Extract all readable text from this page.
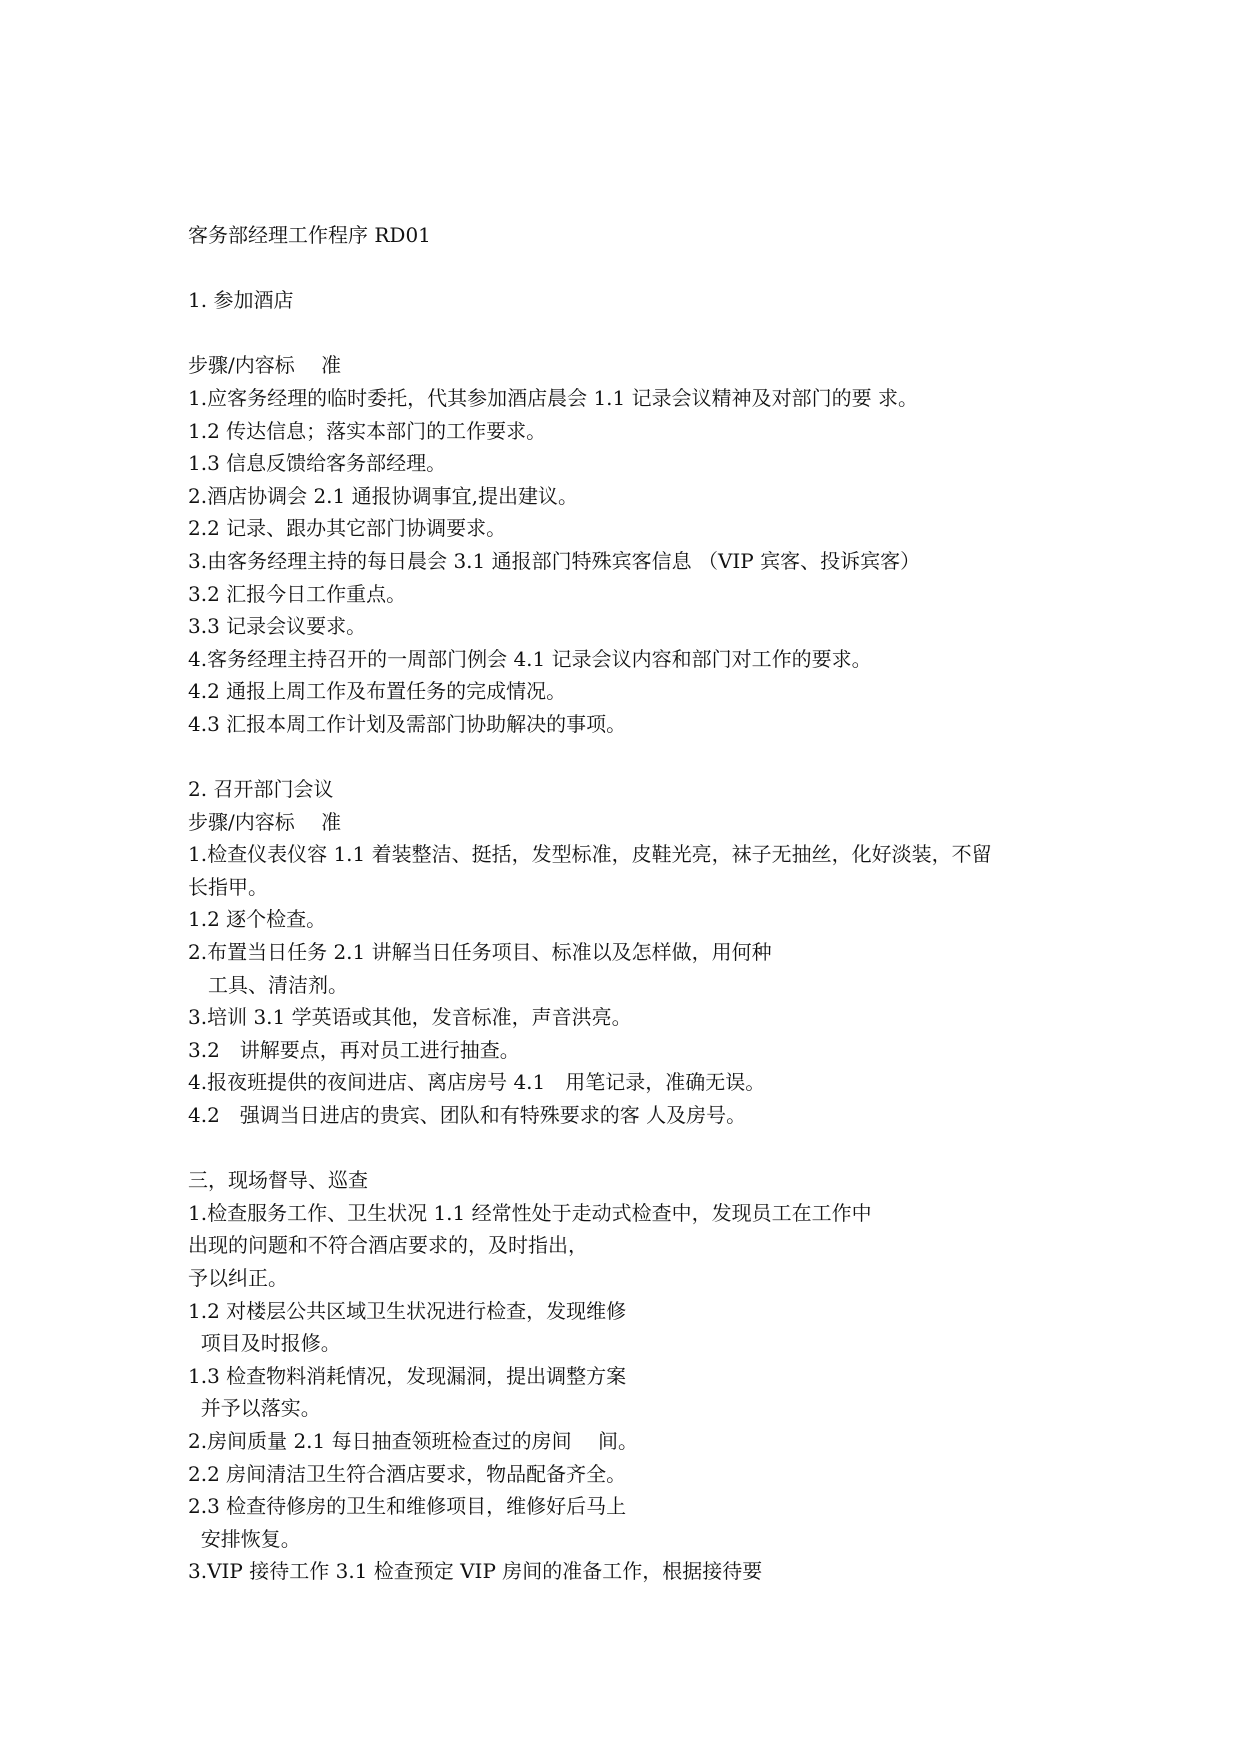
客务部经理工作程序 RD01
1. 参加酒店
步骤/内容标　 准
1.应客务经理的临时委托，代其参加酒店晨会 1.1 记录会议精神及对部门的要 求。
1.2 传达信息；落实本部门的工作要求。
1.3 信息反馈给客务部经理。
2.酒店协调会 2.1 通报协调事宜,提出建议。
2.2 记录、跟办其它部门协调要求。
3.由客务经理主持的每日晨会 3.1 通报部门特殊宾客信息 （VIP 宾客、投诉宾客）
3.2 汇报今日工作重点。
3.3 记录会议要求。
4.客务经理主持召开的一周部门例会 4.1 记录会议内容和部门对工作的要求。
4.2 通报上周工作及布置任务的完成情况。
4.3 汇报本周工作计划及需部门协助解决的事项。
2. 召开部门会议
步骤/内容标　 准
1.检查仪表仪容 1.1 着装整洁、挺括，发型标准，皮鞋光亮，袜子无抽丝，化好淡装，不留
长指甲。
1.2 逐个检查。
2.布置当日任务 2.1 讲解当日任务项目、标准以及怎样做，用何种
　工具、清洁剂。
3.培训 3.1 学英语或其他，发音标准，声音洪亮。
3.2　讲解要点，再对员工进行抽查。
4.报夜班提供的夜间进店、离店房号 4.1　用笔记录，准确无误。
4.2　强调当日进店的贵宾、团队和有特殊要求的客 人及房号。
三，现场督导、巡查
1.检查服务工作、卫生状况 1.1 经常性处于走动式检查中，发现员工在工作中
出现的问题和不符合酒店要求的，及时指出，
予以纠正。
1.2 对楼层公共区域卫生状况进行检查，发现维修
项目及时报修。
1.3 检查物料消耗情况，发现漏洞，提出调整方案
并予以落实。
2.房间质量 2.1 每日抽查领班检查过的房间　 间。
2.2 房间清洁卫生符合酒店要求，物品配备齐全。
2.3 检查待修房的卫生和维修项目，维修好后马上
安排恢复。
3.VIP 接待工作 3.1 检查预定 VIP 房间的准备工作，根据接待要
